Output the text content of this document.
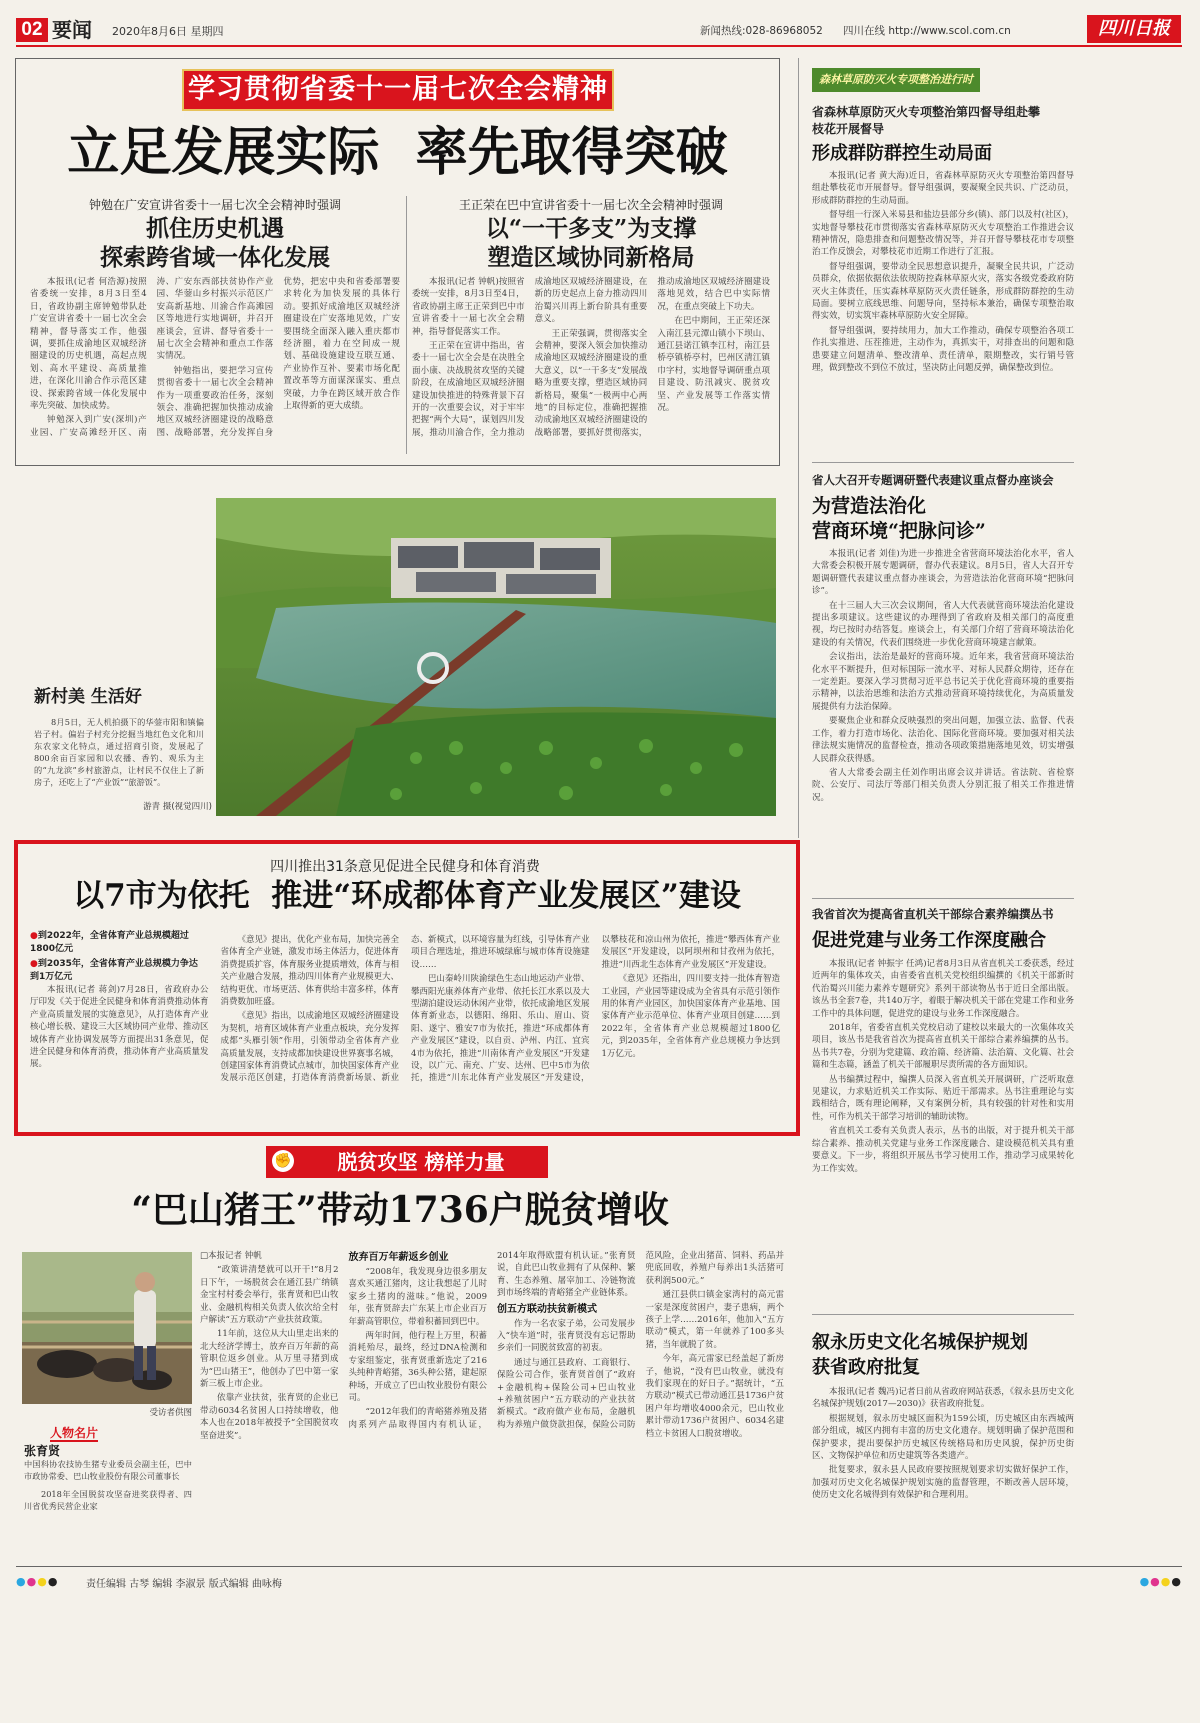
02 要闻 2020年8月6日 星期四	新闻热线:028-86968052 四川在线 http://www.scol.com.cn	四川日报
学习贯彻省委十一届七次全会精神
立足发展实际  率先取得突破
钟勉在广安宣讲省委十一届七次全会精神时强调
抓住历史机遇
探索跨省域一体化发展

本报讯(记者 何浩源)按照省委统一安排，8月3日至4日，省政协副主席钟勉带队赴广安宣讲省委十一届七次全会精神，督导落实工作，他强调，要抓住成渝地区双城经济圈建设的历史机遇，高起点规划、高水平建设、高质量推进，在深化川渝合作示范区建设、探索跨省域一体化发展中率先突破、加快成势。

钟勉深入到广安(深圳)产业园、广安高滩经开区、南涛、广安东西部扶贫协作产业园、华蓥山乡村振兴示范区广安高新基地、川渝合作高滩园区等地进行实地调研，并召开座谈会，宣讲、督导省委十一届七次全会精神和重点工作落实情况。

钟勉指出，要把学习宣传贯彻省委十一届七次全会精神作为一项重要政治任务，深刻领会、准确把握加快推动成渝地区双城经济圈建设的战略意图、战略部署，充分发挥自身优势，把宏中央和省委部署要求转化为加快发展的具体行动。要抓好成渝地区双城经济圈建设在广安落地见效，广安要围绕全面深入融入重庆都市经济圈，着力在空间成一规划、基础设施建设互联互通、产业协作互补、要素市场化配置改革等方面谋深谋实、重点突破，力争在跨区域开放合作上取得新的更大成绩。

王正荣在巴中宣讲省委十一届七次全会精神时强调
以“一干多支”为支撑
塑造区域协同新格局

本报讯(记者 钟帆)按照省委统一安排，8月3日至4日，省政协副主席王正荣到巴中市宣讲省委十一届七次全会精神，指导督促落实工作。

王正荣在宣讲中指出，省委十一届七次全会是在决胜全面小康、决战脱贫攻坚的关键阶段，在成渝地区双城经济圈建设加快推进的特殊背景下召开的一次重要会议，对于牢牢把握“两个大局”，谋划四川发展，推动川渝合作，全力推动成渝地区双城经济圈建设，在新的历史起点上奋力推动四川治蜀兴川再上新台阶具有重要意义。

王正荣强调，贯彻落实全会精神，要深入领会加快推动成渝地区双城经济圈建设的重大意义，以“一干多支”发展战略为重要支撑，塑造区域协同新格局，聚集“一极两中心两地”的目标定位，准确把握推动成渝地区双城经济圈建设的战略部署，要抓好贯彻落实，推动成渝地区双城经济圈建设落地见效，结合巴中实际情况，在重点突破上下功夫。

在巴中期间，王正荣还深入南江县元潭山镇小下坝山、通江县诺江镇李江村，南江县桥亭镇桥亭村，巴州区清江镇巾字村，实地督导调研重点项目建设、防汛减灾、脱贫攻坚、产业发展等工作落实情况。

新村美 生活好

8月5日，无人机拍摄下的华蓥市阳和镇偏岩子村。偏岩子村充分挖掘当地红色文化和川东农家文化特点，通过招商引资，发展起了800余亩百家园和以农播、香钓、观乐为主的“九龙滨”乡村旅游点，让村民不仅住上了新房子，还吃上了“产业饭”“旅游饭”。

游青 摄(视觉四川)
四川推出31条意见促进全民健身和体育消费
以7市为依托  推进“环成都体育产业发展区”建设
●到2022年，全省体育产业总规模超过1800亿元
●到2035年，全省体育产业总规模力争达到1万亿元

本报讯(记者 蒋剑)7月28日，省政府办公厅印发《关于促进全民健身和体育消费推动体育产业高质量发展的实施意见》，从打造体育产业核心增长极、建设三大区域协同产业带、推动区域体育产业协调发展等方面提出31条意见，促进全民健身和体育消费，推动体育产业高质量发展。

《意见》提出，优化产业布局，加快完善全省体育全产业链，激发市场主体活力，促进体育消费提质扩容，体育服务业提质增效，体育与相关产业融合发展，推动四川体育产业规模更大、结构更优、市场更活、体育供给丰富多样，体育消费数加旺盛。

《意见》指出，以成渝地区双城经济圈建设为契机，培育区域体育产业重点板块，充分发挥成都“头雁引领”作用，引领带动全省体育产业高质量发展，支持成都加快建设世界赛事名城，创建国家体育消费试点城市，加快国家体育产业发展示范区创建，打造体育消费新场景、新业态、新模式，以环境容量为红线，引导体育产业项目合理选址，推进环城绿廊与城市体育设施建设……

巴山秦岭川陕渝绿色生态山地运动产业带、攀西阳光康养体育产业带、依托长江水系以及大型湖泊建设运动休闲产业带，依托成渝地区发展体育新业态，以德阳、绵阳、乐山、眉山、资阳、遂宁、雅安7市为依托，推进“环成都体育产业发展区”建设，以自贡、泸州、内江、宜宾4市为依托，推进“川南体育产业发展区”开发建设，以广元、南充、广安、达州、巴中5市为依托，推进“川东北体育产业发展区”开发建设，以攀枝花和凉山州为依托，推进“攀西体育产业发展区”开发建设，以阿坝州和甘孜州为依托，推进“川西北生态体育产业发展区”开发建设。

《意见》还指出，四川要支持一批体育智造工业园，产业园等建设成为全省具有示范引领作用的体育产业园区，加快国家体育产业基地、国家体育产业示范单位、体育产业项目创建……到2022年，全省体育产业总规模超过1800亿元，到2035年，全省体育产业总规模力争达到1万亿元。

✊	脱贫攻坚 榜样力量
“巴山猪王”带动1736户脱贫增收
受访者供图
人物名片
张育贤

中国科协农技协生猪专业委员会副主任，巴中市政协常委、巴山牧业股份有限公司董事长

2018年全国脱贫攻坚奋进奖获得者、四川省优秀民营企业家

□本报记者 钟帆

“政策讲清楚就可以开干!”8月2日下午，一场脱贫会在通江县广纳镇金宝村村委会举行，张育贤和巴山牧业、金融机构相关负责人依次给全村户解读“五方联动”产业扶贫政策。

11年前，这位从大山里走出来的北大经济学博士，放弃百万年薪的高管职位返乡创业。从万里寻猪到成为“巴山猪王”，他创办了巴中第一家新三板上市企业。

依靠产业扶贫，张育贤的企业已带动6034名贫困人口持续增收，他本人也在2018年被授予“全国脱贫攻坚奋进奖”。

放弃百万年薪返乡创业

“2008年，我发现身边很多朋友喜欢买通江猪肉，这让我想起了儿时家乡土猪肉的滋味。”他说，2009年，张育贤辞去广东某上市企业百万年薪高管职位，带着积蓄回到巴中。

两年时间，他行程上万里，积蓄消耗殆尽，最终，经过DNA检测和专家组鉴定，张育贤重新选定了216头纯种青峪猪，36头种公猪，建起原种场，开成立了巴山牧业股份有限公司。

“2012年我们的青峪猪养殖及猪肉系列产品取得国内有机认证，2014年取得欧盟有机认证。”张育贤说，自此巴山牧业拥有了从保种、繁育、生态养殖、屠宰加工、冷链物流到市场终端的青峪猪全产业链体系。

创五方联动扶贫新模式

作为一名农家子弟，公司发展步入“快车道”时，张育贤没有忘记帮助乡亲们一同脱贫致富的初衷。

通过与通江县政府、工商银行、保险公司合作，张育贤首创了“政府+金融机构+保险公司+巴山牧业+养殖贫困户”五方联动的产业扶贫新模式。“政府做产业布局，金融机构为养殖户做贷款担保，保险公司防范风险，企业出猪苗、饲料、药品并兜底回收，养殖户每养出1头活猪可获利润500元。”

通江县供口镇金家湾村的高元雷一家是深度贫困户，妻子患病，两个孩子上学……2016年，他加入“五方联动”模式，第一年就养了100多头猪，当年就脱了贫。

今年，高元雷家已经盖起了新房子，他说，“没有巴山牧业，就没有我们家现在的好日子。”据统计，“五方联动”模式已带动通江县1736户贫困户年均增收4000余元，巴山牧业累计带动1736户贫困户、6034名建档立卡贫困人口脱贫增收。

森林草原防灭火专项整治进行时
省森林草原防灭火专项整治第四督导组赴攀枝花开展督导
形成群防群控生动局面

本报讯(记者 黄大海)近日，省森林草原防灭火专项整治第四督导组赴攀枝花市开展督导。督导组强调，要凝聚全民共识、广泛动员，形成群防群控的生动局面。

督导组一行深入米易县和盐边县部分乡(镇)、部门以及村(社区)，实地督导攀枝花市贯彻落实省森林草原防灭火专项整治工作推进会议精神情况，隐患排查和问题整改情况等，并召开督导攀枝花市专项整治工作反馈会，对攀枝花市近期工作进行了汇报。

督导组强调，要带动全民思想意识提升，凝聚全民共识，广泛动员群众，依据依据依法依规防控森林草原火灾，落实各级党委政府防灭火主体责任，压实森林草原防灭火责任链条，形成群防群控的生动局面。要树立底线思维、问题导向，坚持标本兼治，确保专项整治取得实效，切实筑牢森林草原防火安全屏障。

督导组强调，要持续用力，加大工作推动，确保专项整治各项工作扎实推进、压茬推进，主动作为，真抓实干，对排查出的问题和隐患要建立问题清单、整改清单、责任清单，限期整改，实行销号管理，做到整改不到位不放过，坚决防止问题反弹，确保整改到位。

省人大召开专题调研暨代表建议重点督办座谈会
为营造法治化
营商环境“把脉问诊”

本报讯(记者 刘佳)为进一步推进全省营商环境法治化水平，省人大常委会积极开展专题调研，督办代表建议。8月5日，省人大召开专题调研暨代表建议重点督办座谈会，为营造法治化营商环境“把脉问诊”。

在十三届人大三次会议期间，省人大代表就营商环境法治化建设提出多项建议。这些建议的办理得到了省政府及相关部门的高度重视，均已按时办结答复。座谈会上，有关部门介绍了营商环境法治化建设的有关情况，代表们围绕进一步优化营商环境建言献策。

会议指出，法治是最好的营商环境。近年来，我省营商环境法治化水平不断提升，但对标国际一流水平、对标人民群众期待，还存在一定差距。要深入学习贯彻习近平总书记关于优化营商环境的重要指示精神，以法治思维和法治方式推动营商环境持续优化，为高质量发展提供有力法治保障。

要聚焦企业和群众反映强烈的突出问题，加强立法、监督、代表工作，着力打造市场化、法治化、国际化营商环境。要加强对相关法律法规实施情况的监督检查，推动各项政策措施落地见效，切实增强人民群众获得感。

省人大常委会副主任刘作明出席会议并讲话。省法院、省检察院、公安厅、司法厅等部门相关负责人分别汇报了相关工作推进情况。

我省首次为提高省直机关干部综合素养编撰丛书
促进党建与业务工作深度融合

本报讯(记者 钟振宇 任鸿)记者8月3日从省直机关工委获悉，经过近两年的集体攻关，由省委省直机关党校组织编撰的《机关干部新时代治蜀兴川能力素养专题研究》系列干部读物丛书于近日全部出版。该丛书全套7卷，共140万字，着眼于解决机关干部在党建工作和业务工作中的具体问题，促进党的建设与业务工作深度融合。

2018年，省委省直机关党校启动了建校以来最大的一次集体攻关项目，该丛书是我省首次为提高省直机关干部综合素养编撰的丛书。丛书共7卷，分别为党建篇、政治篇、经济篇、法治篇、文化篇、社会篇和生态篇，涵盖了机关干部履职尽责所需的各方面知识。

丛书编撰过程中，编撰人员深入省直机关开展调研，广泛听取意见建议，力求贴近机关工作实际、贴近干部需求。丛书注重理论与实践相结合，既有理论阐释，又有案例分析，具有较强的针对性和实用性，可作为机关干部学习培训的辅助读物。

省直机关工委有关负责人表示，丛书的出版，对于提升机关干部综合素养、推动机关党建与业务工作深度融合、建设模范机关具有重要意义。下一步，将组织开展丛书学习使用工作，推动学习成果转化为工作实效。

叙永历史文化名城保护规划
获省政府批复

本报讯(记者 魏冯)记者日前从省政府网站获悉，《叙永县历史文化名城保护规划(2017—2030)》获省政府批复。

根据规划，叙永历史城区面积为159公顷，历史城区由东西城两部分组成，城区内拥有丰富的历史文化遗存。规划明确了保护范围和保护要求，提出要保护历史城区传统格局和历史风貌，保护历史街区、文物保护单位和历史建筑等各类遗产。

批复要求，叙永县人民政府要按照规划要求切实做好保护工作，加强对历史文化名城保护规划实施的监督管理，不断改善人居环境，使历史文化名城得到有效保护和合理利用。

●●●●	责任编辑 古琴 编辑 李淑景 版式编辑 曲咏梅	●●●●
